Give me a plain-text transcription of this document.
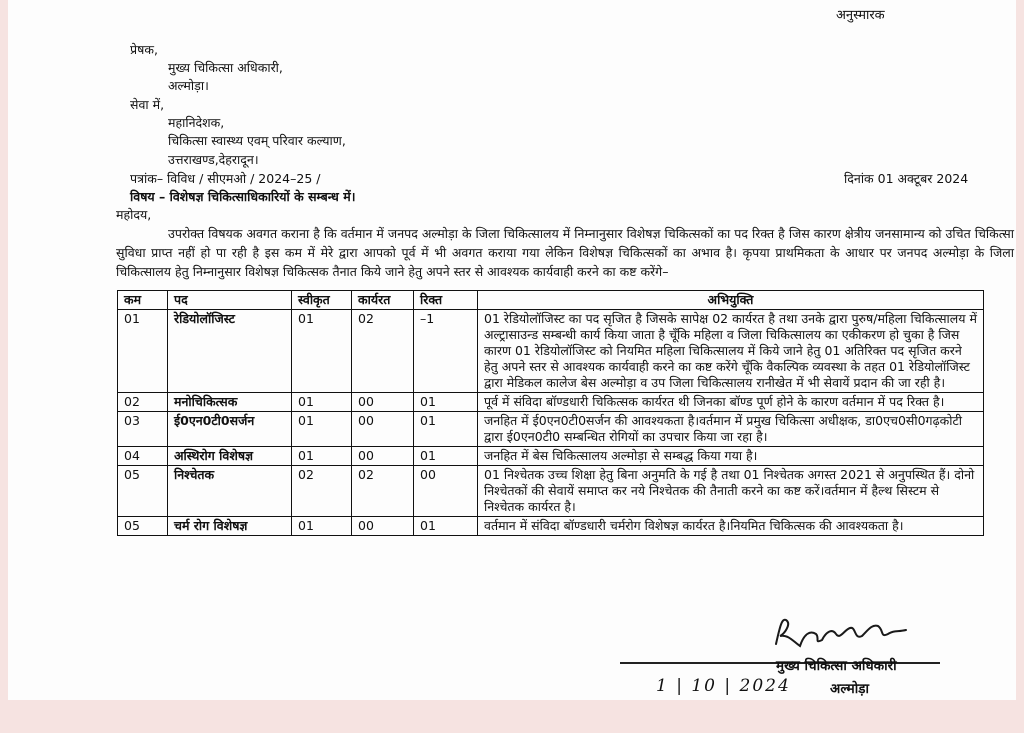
अनुस्मारक
प्रेषक,
मुख्य चिकित्सा अधिकारी,
अल्मोड़ा।
सेवा में,
महानिदेशक,
चिकित्सा स्वास्थ्य एवम् परिवार कल्याण,
उत्तराखण्ड,देहरादून।
पत्रांक– विविध / सीएमओ / 2024–25 /	दिनांक 01 अक्टूबर 2024
विषय – विशेषज्ञ चिकित्साधिकारियों के सम्बन्ध में।
महोदय,
उपरोक्त विषयक अवगत कराना है कि वर्तमान में जनपद अल्मोड़ा के जिला चिकित्सालय में निम्नानुसार विशेषज्ञ चिकित्सकों का पद रिक्त है जिस कारण क्षेत्रीय जनसामान्य को उचित चिकित्सा सुविधा प्राप्त नहीं हो पा रही है इस कम में मेरे द्वारा आपको पूर्व में भी अवगत कराया गया लेकिन विशेषज्ञ चिकित्सकों का अभाव है। कृपया प्राथमिकता के आधार पर जनपद अल्मोड़ा के जिला चिकित्सालय हेतु निम्नानुसार विशेषज्ञ चिकित्सक तैनात किये जाने हेतु अपने स्तर से आवश्यक कार्यवाही करने का कष्ट करेंगे–
कम	पद	स्वीकृत	कार्यरत	रिक्त	अभियुक्ति
01	रेडियोलॉजिस्ट	01	02	–1	01 रेडियोलॉजिस्ट का पद सृजित है जिसके सापेक्ष 02 कार्यरत है तथा उनके द्वारा पुरुष/महिला चिकित्सालय में अल्ट्रासाउन्ड सम्बन्धी कार्य किया जाता है चूँकि महिला व जिला चिकित्सालय का एकीकरण हो चुका है जिस कारण 01 रेडियोलॉजिस्ट को नियमित महिला चिकित्सालय में किये जाने हेतु 01 अतिरिक्त पद सृजित करने हेतु अपने स्तर से आवश्यक कार्यवाही करने का कष्ट करेंगे चूँकि वैकल्पिक व्यवस्था के तहत 01 रेडियोलॉजिस्ट द्वारा मेडिकल कालेज बेस अल्मोड़ा व उप जिला चिकित्सालय रानीखेत में भी सेवायें प्रदान की जा रही है।
02	मनोचिकित्सक	01	00	01	पूर्व में संविदा बॉण्डधारी चिकित्सक कार्यरत थी जिनका बॉण्ड पूर्ण होने के कारण वर्तमान में पद रिक्त है।
03	ई0एन0टी0सर्जन	01	00	01	जनहित में ई0एन0टी0सर्जन की आवश्यकता है।वर्तमान में प्रमुख चिकित्सा अधीक्षक, डा0एच0सी0गढ़कोटी द्वारा ई0एन0टी0 सम्बन्धित रोगियों का उपचार किया जा रहा है।
04	अस्थिरोग विशेषज्ञ	01	00	01	जनहित में बेस चिकित्सालय अल्मोड़ा से सम्बद्ध किया गया है।
05	निश्चेतक	02	02	00	01 निश्चेतक उच्च शिक्षा हेतु बिना अनुमति के गई है तथा 01 निश्चेतक अगस्त 2021 से अनुपस्थित हैं। दोनो निश्चेतकों की सेवायें समाप्त कर नये निश्चेतक की तैनाती करने का कष्ट करें।वर्तमान में हैल्थ सिस्टम से निश्चेतक कार्यरत है।
05	चर्म रोग विशेषज्ञ	01	00	01	वर्तमान में संविदा बॉण्डधारी चर्मरोग विशेषज्ञ कार्यरत है।नियमित चिकित्सक की आवश्यकता है।
मुख्य चिकित्सा अधिकारी
1 | 10 | 2024	अल्मोड़ा
